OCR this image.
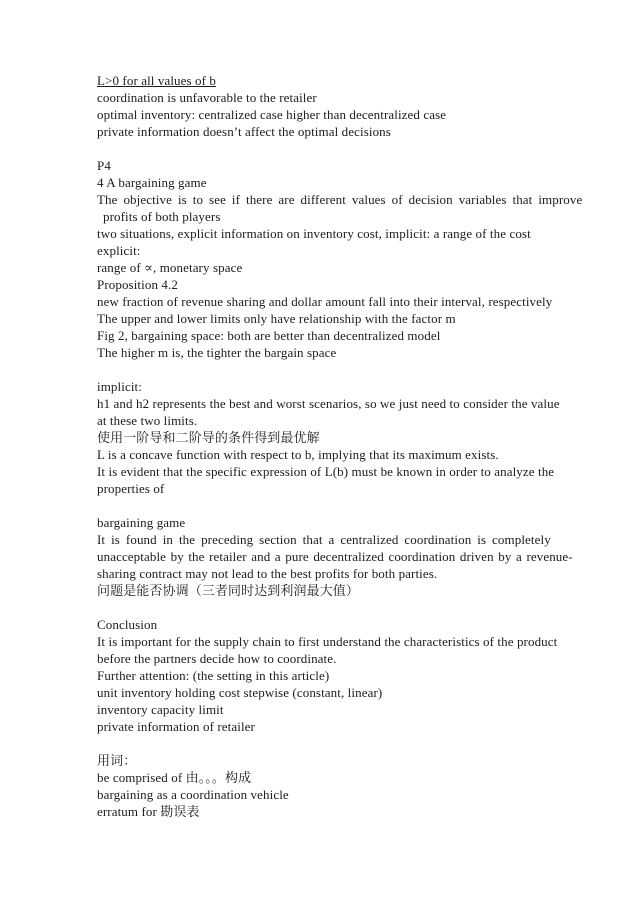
L>0 for all values of b
coordination is unfavorable to the retailer
optimal inventory: centralized case higher than decentralized case
private information doesn’t affect the optimal decisions
P4
4 A bargaining game
The objective is to see if there are different values of decision variables that improve
profits of both players
two situations, explicit information on inventory cost, implicit: a range of the cost
explicit:
range of ∝, monetary space
Proposition 4.2
new fraction of revenue sharing and dollar amount fall into their interval, respectively
The upper and lower limits only have relationship with the factor m
Fig 2, bargaining space: both are better than decentralized model
The higher m is, the tighter the bargain space
implicit:
h1 and h2 represents the best and worst scenarios, so we just need to consider the value
at these two limits.
使用一阶导和二阶导的条件得到最优解
L is a concave function with respect to b, implying that its maximum exists.
It is evident that the specific expression of L(b) must be known in order to analyze the
properties of
bargaining game
It is found in the preceding section that a centralized coordination is completely
unacceptable by the retailer and a pure decentralized coordination driven by a revenue-
sharing contract may not lead to the best profits for both parties.
问题是能否协调（三者同时达到利润最大值）
Conclusion
It is important for the supply chain to first understand the characteristics of the product
before the partners decide how to coordinate.
Further attention: (the setting in this article)
unit inventory holding cost stepwise (constant, linear)
inventory capacity limit
private information of retailer
用词：
be comprised of 由。。。构成
bargaining as a coordination vehicle
erratum for 勘误表
